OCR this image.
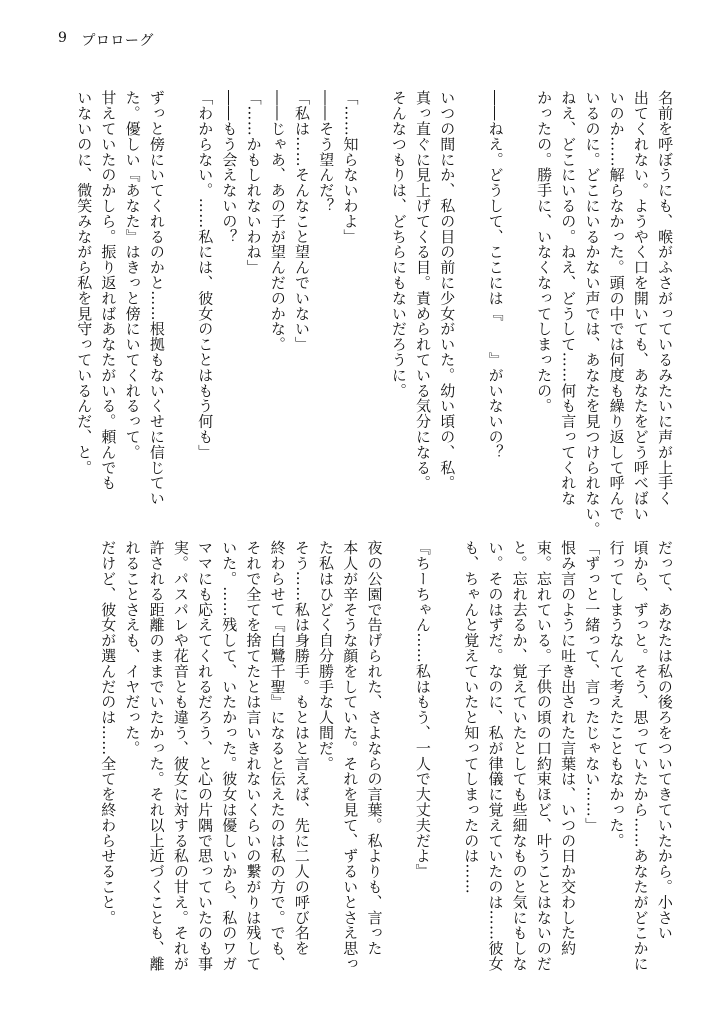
9 プロローグ

名前を呼ぼうにも、喉がふさがっているみたいに声が上手く

出てくれない。ようやく口を開いても、あなたをどう呼べばい

いのか……解らなかった。頭の中では何度も繰り返して呼んで

いるのに。どこにいるかない声では、あなたを見つけられない。

ねえ、どこにいるの。ねえ、どうして……何も言ってくれな

かったの。勝手に、いなくなってしまったの。

――ねえ。どうして、ここには『　　』がいないの？

いつの間にか、私の目の前に少女がいた。幼い頃の、私。

真っ直ぐに見上げてくる目。責められている気分になる。

そんなつもりは、どちらにもないだろうに。

「……知らないわよ」

――そう望んだ？

「私は……そんなこと望んでいない」

――じゃあ、あの子が望んだのかな。

「……かもしれないわね」

――もう会えないの？

「わからない。……私には、彼女のことはもう何も」

ずっと傍にいてくれるのかと……根拠もないくせに信じてい

た。優しい『あなた』はきっと傍にいてくれるって。

甘えていたのかしら。振り返ればあなたがいる。頼んでも

いないのに、微笑みながら私を見守っているんだ、と。

だって、あなたは私の後ろをついてきていたから。小さい

頃から、ずっと。そう、思っていたから……あなたがどこかに

行ってしまうなんて考えたこともなかった。

「ずっと一緒って、言ったじゃない……」

恨み言のように吐き出された言葉は、いつの日か交わした約

束。忘れている。子供の頃の口約束ほど、叶うことはないのだ

と。忘れ去るか、覚えていたとしても些細なものと気にもしな

い。そのはずだ。なのに、私が律儀に覚えていたのは……彼女

も、ちゃんと覚えていたと知ってしまったのは……

『ちーちゃん……私はもう、一人で大丈夫だよ』

夜の公園で告げられた、さよならの言葉。私よりも、言った

本人が辛そうな顔をしていた。それを見て、ずるいとさえ思っ

た私はひどく自分勝手な人間だ。

そう……私は身勝手。もとはと言えば、先に二人の呼び名を

終わらせて『白鷺千聖』になると伝えたのは私の方で。でも、

それで全てを捨てたとは言いきれないくらいの繋がりは残して

いた。……残して、いたかった。彼女は優しいから、私のワガ

ママにも応えてくれるだろう、と心の片隅で思っていたのも事

実。パスパレや花音とも違う、彼女に対する私の甘え。それが

許される距離のままでいたかった。それ以上近づくことも、離

れることさえも、イヤだった。

だけど、彼女が選んだのは……全てを終わらせること。
